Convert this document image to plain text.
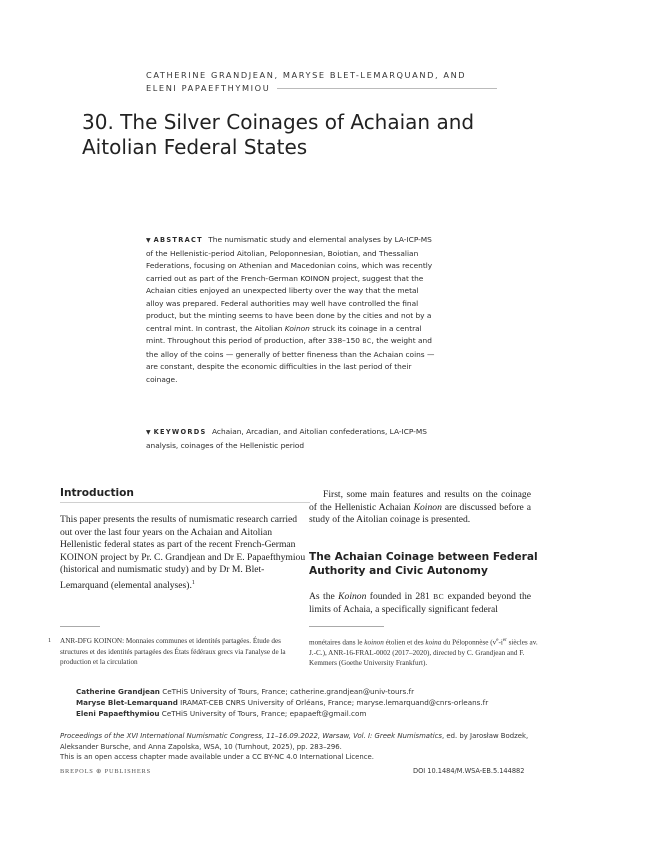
CATHERINE GRANDJEAN, MARYSE BLET-LEMARQUAND, AND
ELENI PAPAEFTHYMIOU
30. The Silver Coinages of Achaian and
Aitolian Federal States
▼ ABSTRACT The numismatic study and elemental analyses by LA-ICP-MS of the Hellenistic-period Aitolian, Peloponnesian, Boiotian, and Thessalian Federations, focusing on Athenian and Macedonian coins, which was recently carried out as part of the French-German KOINON project, suggest that the Achaian cities enjoyed an unexpected liberty over the way that the metal alloy was prepared. Federal authorities may well have controlled the final product, but the minting seems to have been done by the cities and not by a central mint. In contrast, the Aitolian Koinon struck its coinage in a central mint. Throughout this period of production, after 338–150 BC, the weight and the alloy of the coins — generally of better fineness than the Achaian coins — are constant, despite the economic difficulties in the last period of their coinage.
▼ KEYWORDS Achaian, Arcadian, and Aitolian confederations, LA-ICP-MS analysis, coinages of the Hellenistic period
Introduction
This paper presents the results of numismatic research carried out over the last four years on the Achaian and Aitolian Hellenistic federal states as part of the recent French-German KOINON project by Pr. C. Grandjean and Dr E. Papaefthymiou (historical and numismatic study) and by Dr M. Blet-Lemarquand (elemental analyses).$^1$
First, some main features and results on the coinage of the Hellenistic Achaian Koinon are discussed before a study of the Aitolian coinage is presented.
The Achaian Coinage between Federal Authority and Civic Autonomy
As the Koinon founded in 281 BC expanded beyond the limits of Achaia, a specifically significant federal
1 ANR-DFG KOINON: Monnaies communes et identités partagées. Étude des structures et des identités partagées des États fédéraux grecs via l'analyse de la production et la circulation
monétaires dans le koinon étolien et des koina du Péloponnèse ($v^e-i^{er}$ siècles av. J.-C.), ANR-16-FRAL-0002 (2017–2020), directed by C. Grandjean and F. Kemmers (Goethe University Frankfurt).
Catherine Grandjean CeTHiS University of Tours, France; catherine.grandjean@univ-tours.fr
Maryse Blet-Lemarquand IRAMAT-CEB CNRS University of Orléans, France; maryse.lemarquand@cnrs-orleans.fr
Eleni Papaefthymiou CeTHiS University of Tours, France; epapaeft@gmail.com
Proceedings of the XVI International Numismatic Congress, 11–16.09.2022, Warsaw, Vol. I: Greek Numismatics, ed. by Jarosław Bodzek, Aleksander Bursche, and Anna Zapolska, WSA, 10 (Turnhout, 2025), pp. 283–296.
This is an open access chapter made available under a CC BY-NC 4.0 International Licence.
BREPOLS ⊕ PUBLISHERS	DOI 10.1484/M.WSA-EB.5.144882
